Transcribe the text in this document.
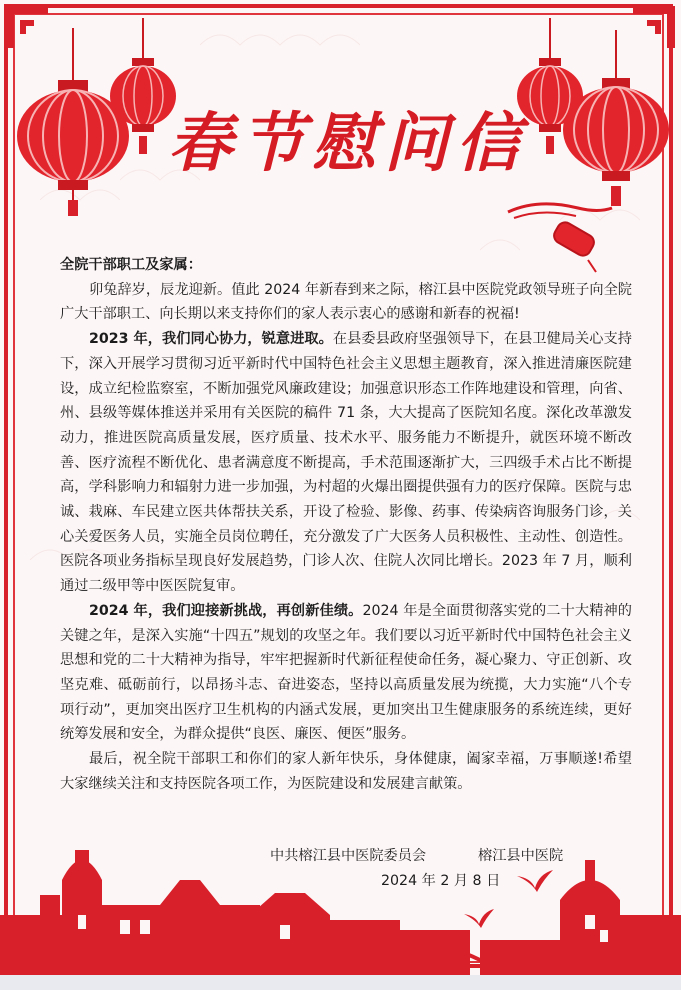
春节慰问信

全院干部职工及家属：

卯兔辞岁，辰龙迎新。值此 2024 年新春到来之际，榕江县中医院党政领导班子向全院广大干部职工、向长期以来支持你们的家人表示衷心的感谢和新春的祝福!

2023 年，我们同心协力，锐意进取。在县委县政府坚强领导下，在县卫健局关心支持下，深入开展学习贯彻习近平新时代中国特色社会主义思想主题教育，深入推进清廉医院建设，成立纪检监察室，不断加强党风廉政建设；加强意识形态工作阵地建设和管理，向省、州、县级等媒体推送并采用有关医院的稿件 71 条，大大提高了医院知名度。深化改革激发动力，推进医院高质量发展，医疗质量、技术水平、服务能力不断提升，就医环境不断改善、医疗流程不断优化、患者满意度不断提高，手术范围逐渐扩大，三四级手术占比不断提高，学科影响力和辐射力进一步加强，为村超的火爆出圈提供强有力的医疗保障。医院与忠诚、栽麻、车民建立医共体帮扶关系，开设了检验、影像、药事、传染病咨询服务门诊，关心关爱医务人员，实施全员岗位聘任，充分激发了广大医务人员积极性、主动性、创造性。医院各项业务指标呈现良好发展趋势，门诊人次、住院人次同比增长。2023 年 7 月，顺利通过二级甲等中医医院复审。

2024 年，我们迎接新挑战，再创新佳绩。2024 年是全面贯彻落实党的二十大精神的关键之年，是深入实施“十四五”规划的攻坚之年。我们要以习近平新时代中国特色社会主义思想和党的二十大精神为指导，牢牢把握新时代新征程使命任务，凝心聚力、守正创新、攻坚克难、砥砺前行，以昂扬斗志、奋进姿态，坚持以高质量发展为统揽，大力实施“八个专项行动”，更加突出医疗卫生机构的内涵式发展，更加突出卫生健康服务的系统连续，更好统筹发展和安全，为群众提供“良医、廉医、便医”服务。

最后，祝全院干部职工和你们的家人新年快乐，身体健康，阖家幸福，万事顺遂!希望大家继续关注和支持医院各项工作，为医院建设和发展建言献策。

中共榕江县中医院委员会	榕江县中医院
2024 年 2 月 8 日
